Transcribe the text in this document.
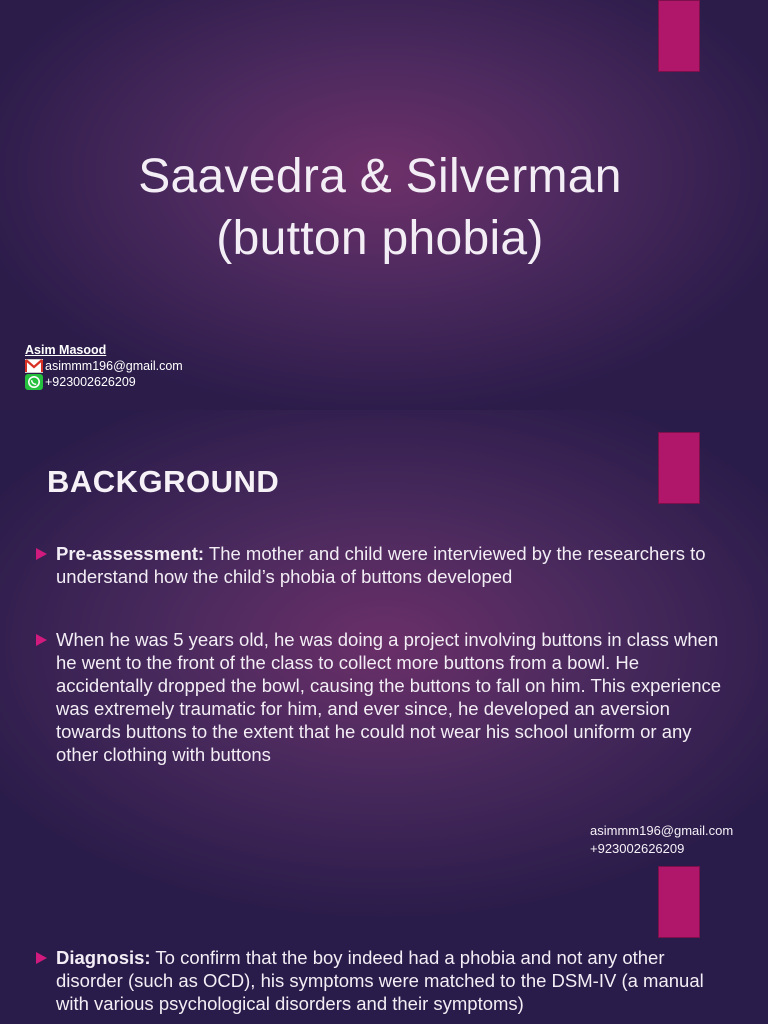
Saavedra & Silverman
(button phobia)
Asim Masood
asimmm196@gmail.com
+923002626209
BACKGROUND
Pre-assessment: The mother and child were interviewed by the researchers to understand how the child’s phobia of buttons developed
When he was 5 years old, he was doing a project involving buttons in class when he went to the front of the class to collect more buttons from a bowl. He accidentally dropped the bowl, causing the buttons to fall on him. This experience was extremely traumatic for him, and ever since, he developed an aversion towards buttons to the extent that he could not wear his school uniform or any other clothing with buttons
asimmm196@gmail.com
+923002626209
Diagnosis: To confirm that the boy indeed had a phobia and not any other disorder (such as OCD), his symptoms were matched to the DSM-IV (a manual with various psychological disorders and their symptoms)
